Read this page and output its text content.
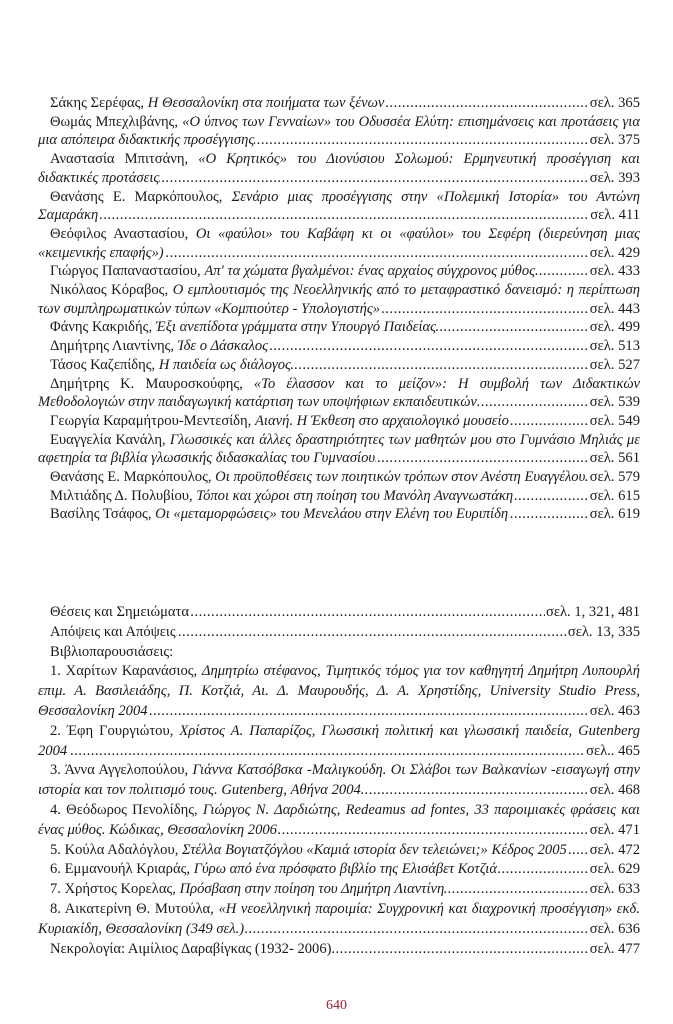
Σάκης Σερέφας, Η Θεσσαλονίκη στα ποιήματα των ξένων	σελ. 365
.....

Θωμάς Μπεχλιβάνης, «Ο ύπνος των Γενναίων» του Οδυσσέα Ελύτη: επισημάνσεις και προτάσεις για μια απόπειρα διδακτικής προσέγγισης	σελ. 375
.....

Αναστασία Μπιτσάνη, «Ο Κρητικός» του Διονύσιου Σολωμού: Ερμηνευτική προσέγγιση και διδακτικές προτάσεις	σελ. 393
.....

Θανάσης Ε. Μαρκόπουλος, Σενάριο μιας προσέγγισης στην «Πολεμική Ιστορία» του Αντώνη Σαμαράκη	σελ. 411
.....

Θεόφιλος Αναστασίου, Οι «φαύλοι» του Καβάφη κι οι «φαύλοι» του Σεφέρη (διερεύνηση μιας «κειμενικής επαφής»)	σελ. 429
.....

Γιώργος Παπαναστασίου, Απ' τα χώματα βγαλμένοι: ένας αρχαίος σύγχρονος μύθος	σελ. 433
.....

Νικόλαος Κόραβος, Ο εμπλουτισμός της Νεοελληνικής από το μεταφραστικό δανεισμό: η περίπτωση των συμπληρωματικών τύπων «Κομπιούτερ - Υπολογιστής»	σελ. 443
.....

Φάνης Κακριδής, Έξι ανεπίδοτα γράμματα στην Υπουργό Παιδείας	σελ. 499
.....

Δημήτρης Λιαντίνης, Ίδε ο Δάσκαλος	σελ. 513
.....

Τάσος Καζεπίδης, Η παιδεία ως διάλογος	σελ. 527
.....

Δημήτρης Κ. Μαυροσκούφης, «Το έλασσον και το μείζον»: Η συμβολή των Διδακτικών Μεθοδολογιών στην παιδαγωγική κατάρτιση των υποψήφιων εκπαιδευτικών	σελ. 539
.....

Γεωργία Καραμήτρου-Μεντεσίδη, Αιανή. Η Έκθεση στο αρχαιολογικό μουσείο	σελ. 549
.....

Ευαγγελία Κανάλη, Γλωσσικές και άλλες δραστηριότητες των μαθητών μου στο Γυμνάσιο Μηλιάς με αφετηρία τα βιβλία γλωσσικής διδασκαλίας του Γυμνασίου	σελ. 561
.....

Θανάσης Ε. Μαρκόπουλος, Οι προϋποθέσεις των ποιητικών τρόπων στον Ανέστη Ευαγγέλου σελ. 579
.....

Μιλτιάδης Δ. Πολυβίου, Τόποι και χώροι στη ποίηση του Μανόλη Αναγνωστάκη	σελ. 615
.....

Βασίλης Τσάφος, Οι «μεταμορφώσεις» του Μενελάου στην Ελένη του Ευριπίδη	σελ. 619
.....

Θέσεις και Σημειώματα	σελ. 1, 321, 481
.....

Απόψεις και Απόψεις	σελ. 13, 335
.....

Βιβλιοπαρουσιάσεις:

1. Χαρίτων Καρανάσιος, Δημητρίω στέφανος, Τιμητικός τόμος για τον καθηγητή Δημήτρη Λυπουρλή επιμ. Α. Βασιλειάδης, Π. Κοτζιά, Αι. Δ. Μαυρουδής, Δ. Α. Χρηστίδης, University Studio Press, Θεσσαλονίκη 2004	σελ. 463
.....

2. Έφη Γουργιώτου, Χρίστος Α. Παπαρίζος, Γλωσσική πολιτική και γλωσσική παιδεία, Gutenberg 2004	σελ.. 465
.....

3. Άννα Αγγελοπούλου, Γιάννα Κατσόβσκα -Μαλιγκούδη. Οι Σλάβοι των Βαλκανίων -εισαγωγή στην ιστορία και τον πολιτισμό τους. Gutenberg, Αθήνα 2004	σελ. 468
.....

4. Θεόδωρος Πενολίδης, Γιώργος Ν. Δαρδιώτης, Redeamus ad fontes, 33 παροιμιακές φράσεις και ένας μύθος. Κώδικας, Θεσσαλονίκη 2006	σελ. 471
.....

5. Κούλα Αδαλόγλου, Στέλλα Βογιατζόγλου «Καμιά ιστορία δεν τελειώνει;» Κέδρος 2005 σελ. 472
.....

6. Εμμανουήλ Κριαράς, Γύρω από ένα πρόσφατο βιβλίο της Ελισάβετ Κοτζιά	σελ. 629
.....

7. Χρήστος Κορελας, Πρόσβαση στην ποίηση του Δημήτρη Λιαντίνη	σελ. 633
.....

8. Αικατερίνη Θ. Μυτούλα, «Η νεοελληνική παροιμία: Συγχρονική και διαχρονική προσέγγιση» εκδ. Κυριακίδη, Θεσσαλονίκη (349 σελ.)	σελ. 636
.....

Νεκρολογία: Αιμίλιος Δαραβίγκας (1932- 2006)	σελ. 477
.....

640
